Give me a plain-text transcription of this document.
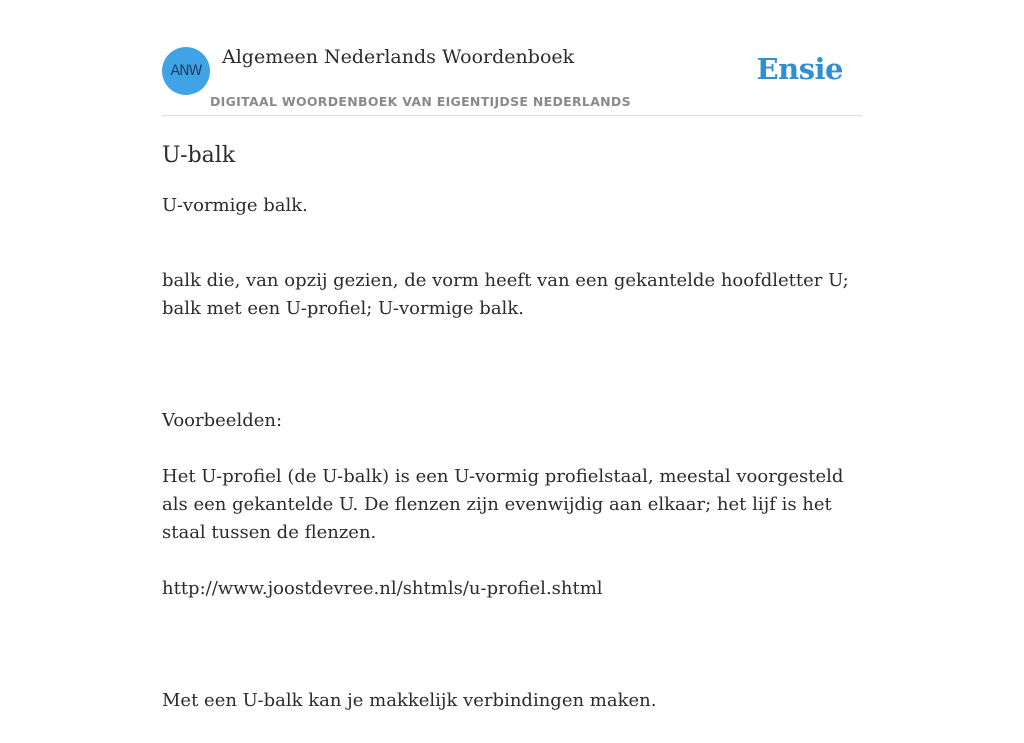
ANW
Algemeen Nederlands Woordenboek
DIGITAAL WOORDENBOEK VAN EIGENTIJDSE NEDERLANDS
Ensie
U-balk

U-vormige balk.

balk die, van opzij gezien, de vorm heeft van een gekantelde hoofdletter U; balk met een U-profiel; U-vormige balk.

Voorbeelden:

Het U-profiel (de U-balk) is een U-vormig profielstaal, meestal voorgesteld als een gekantelde U. De flenzen zijn evenwijdig aan elkaar; het lijf is het staal tussen de flenzen.

http://www.joostdevree.nl/shtmls/u-profiel.shtml

Met een U-balk kan je makkelijk verbindingen maken.
